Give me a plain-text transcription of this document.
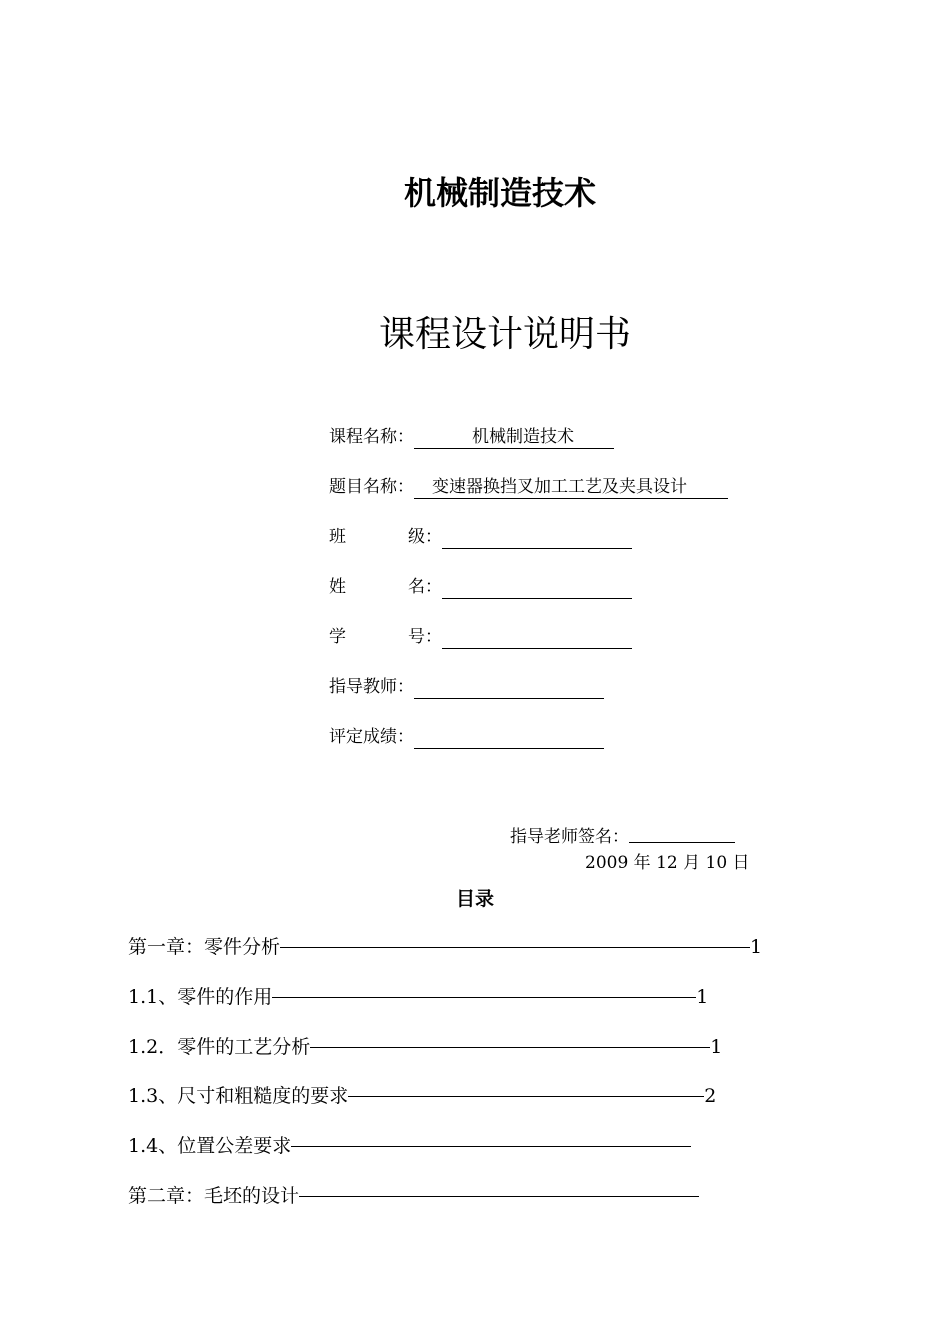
机械制造技术
课程设计说明书
课程名称：	机械制造技术
题目名称： 变速器换挡叉加工工艺及夹具设计
班	级 ：
姓	名 ：
学	号 ：
指导教师：
评定成绩：
指导老师签名：
2009 年 12 月 10 日
目录
第一章：零件分析	1
1.1、零件的作用	1
1.2．零件的工艺分析	1
1.3、尺寸和粗糙度的要求	2
1.4、位置公差要求
第二章：毛坯的设计
